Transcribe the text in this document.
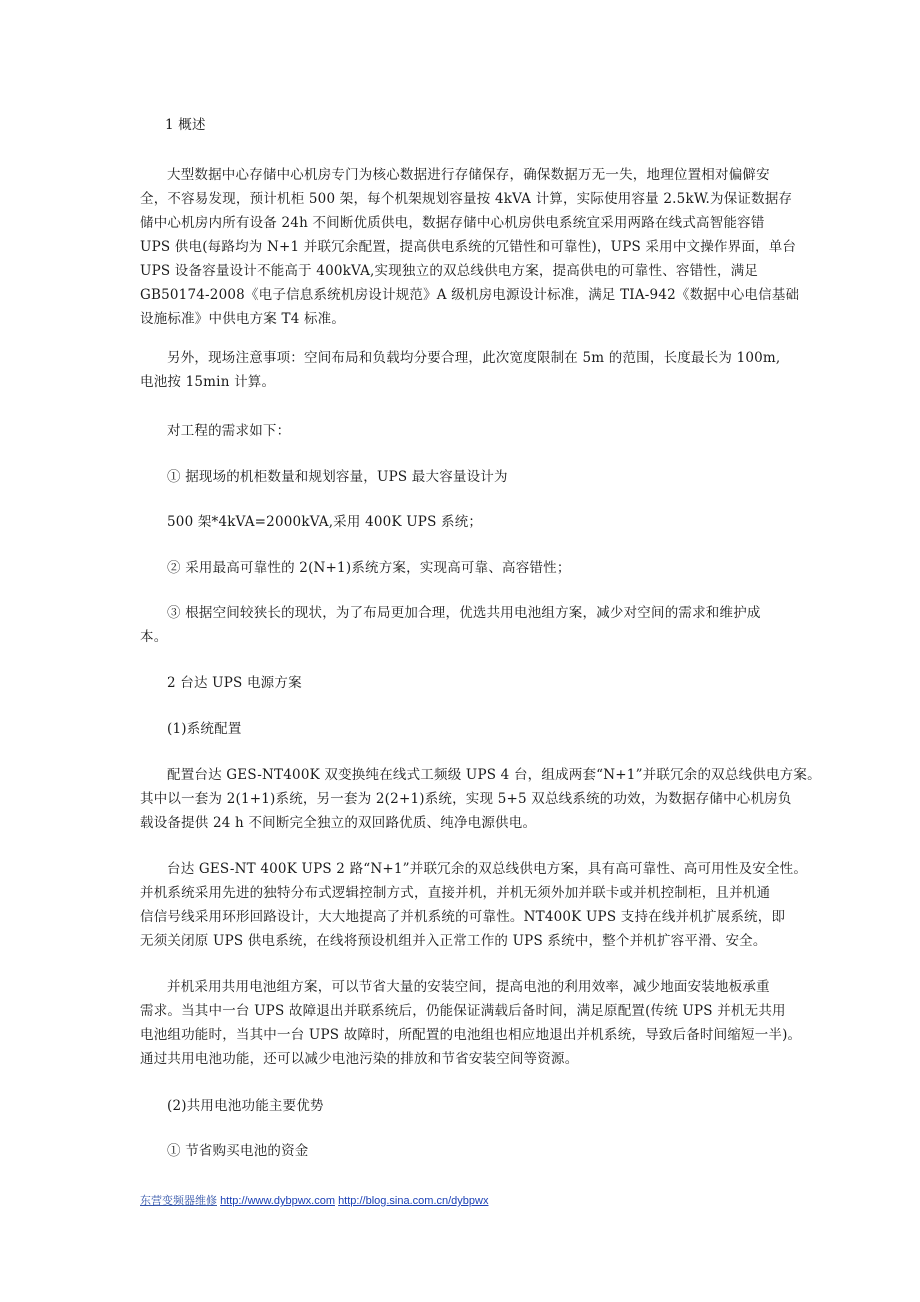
1 概述
大型数据中心存储中心机房专门为核心数据进行存储保存，确保数据万无一失，地理位置相对偏僻安
全，不容易发现，预计机柜 500 架，每个机架规划容量按 4kVA 计算，实际使用容量 2.5kW.为保证数据存
储中心机房内所有设备 24h 不间断优质供电，数据存储中心机房供电系统宜采用两路在线式高智能容错
UPS 供电(每路均为 N+1 并联冗余配置，提高供电系统的冗错性和可靠性)，UPS 采用中文操作界面，单台
UPS 设备容量设计不能高于 400kVA,实现独立的双总线供电方案，提高供电的可靠性、容错性，满足
GB50174-2008《电子信息系统机房设计规范》A 级机房电源设计标准，满足 TIA-942《数据中心电信基础
设施标准》中供电方案 T4 标准。
另外，现场注意事项：空间布局和负载均分要合理，此次宽度限制在 5m 的范围，长度最长为 100m,
电池按 15min 计算。
对工程的需求如下：
① 据现场的机柜数量和规划容量，UPS 最大容量设计为
500 架*4kVA=2000kVA,采用 400K UPS 系统；
② 采用最高可靠性的 2(N+1)系统方案，实现高可靠、高容错性；
③ 根据空间较狭长的现状，为了布局更加合理，优选共用电池组方案，减少对空间的需求和维护成
本。
2 台达 UPS 电源方案
(1)系统配置
配置台达 GES-NT400K 双变换纯在线式工频级 UPS 4 台，组成两套“N+1”并联冗余的双总线供电方案。
其中以一套为 2(1+1)系统，另一套为 2(2+1)系统，实现 5+5 双总线系统的功效，为数据存储中心机房负
载设备提供 24 h 不间断完全独立的双回路优质、纯净电源供电。
台达 GES-NT 400K UPS 2 路“N+1”并联冗余的双总线供电方案，具有高可靠性、高可用性及安全性。
并机系统采用先进的独特分布式逻辑控制方式，直接并机，并机无须外加并联卡或并机控制柜，且并机通
信信号线采用环形回路设计，大大地提高了并机系统的可靠性。NT400K UPS 支持在线并机扩展系统，即
无须关闭原 UPS 供电系统，在线将预设机组并入正常工作的 UPS 系统中，整个并机扩容平滑、安全。
并机采用共用电池组方案，可以节省大量的安装空间，提高电池的利用效率，减少地面安装地板承重
需求。当其中一台 UPS 故障退出并联系统后，仍能保证满载后备时间，满足原配置(传统 UPS 并机无共用
电池组功能时，当其中一台 UPS 故障时，所配置的电池组也相应地退出并机系统，导致后备时间缩短一半)。
通过共用电池功能，还可以减少电池污染的排放和节省安装空间等资源。
(2)共用电池功能主要优势
① 节省购买电池的资金
东营变频器维修 http://www.dybpwx.com http://blog.sina.com.cn/dybpwx
